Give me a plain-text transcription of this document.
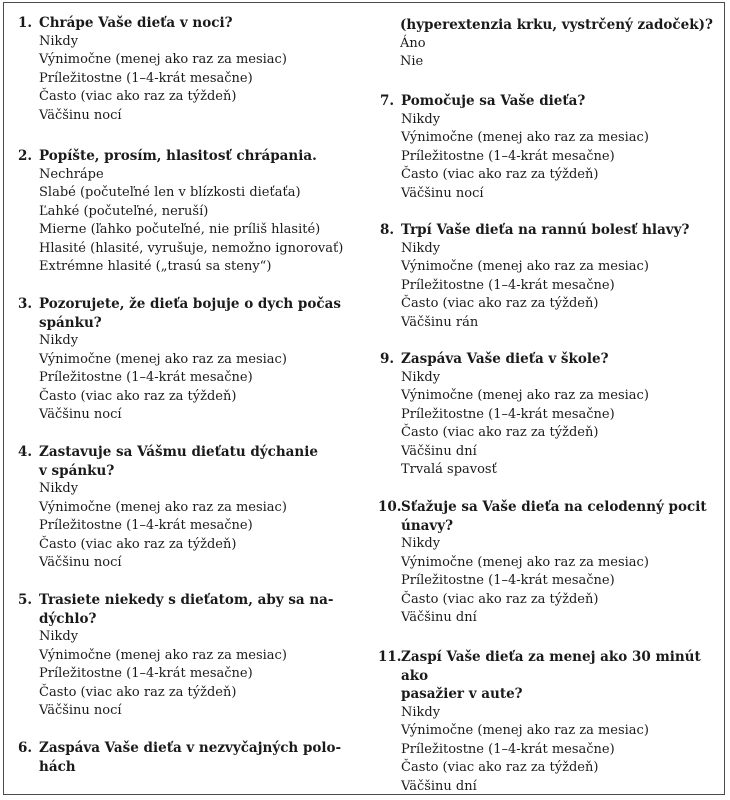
1. Chrápe Vaše dieťa v noci?
Nikdy
Výnimočne (menej ako raz za mesiac)
Príležitostne (1–4-krát mesačne)
Často (viac ako raz za týždeň)
Väčšinu nocí
2. Popíšte, prosím, hlasitosť chrápania.
Nechrápe
Slabé (počuteľné len v blízkosti dieťaťa)
Ľahké (počuteľné, neruší)
Mierne (ľahko počuteľné, nie príliš hlasité)
Hlasité (hlasité, vyrušuje, nemožno ignorovať)
Extrémne hlasité („trasú sa steny“)
3. Pozorujete, že dieťa bojuje o dych počas
spánku?
Nikdy
Výnimočne (menej ako raz za mesiac)
Príležitostne (1–4-krát mesačne)
Často (viac ako raz za týždeň)
Väčšinu nocí
4. Zastavuje sa Vášmu dieťatu dýchanie
v spánku?
Nikdy
Výnimočne (menej ako raz za mesiac)
Príležitostne (1–4-krát mesačne)
Často (viac ako raz za týždeň)
Väčšinu nocí
5. Trasiete niekedy s dieťatom, aby sa na-
dýchlo?
Nikdy
Výnimočne (menej ako raz za mesiac)
Príležitostne (1–4-krát mesačne)
Často (viac ako raz za týždeň)
Väčšinu nocí
6. Zaspáva Vaše dieťa v nezvyčajných polo-
hách
(hyperextenzia krku, vystrčený zadoček)?
Áno
Nie
7. Pomočuje sa Vaše dieťa?
Nikdy
Výnimočne (menej ako raz za mesiac)
Príležitostne (1–4-krát mesačne)
Často (viac ako raz za týždeň)
Väčšinu nocí
8. Trpí Vaše dieťa na rannú bolesť hlavy?
Nikdy
Výnimočne (menej ako raz za mesiac)
Príležitostne (1–4-krát mesačne)
Často (viac ako raz za týždeň)
Väčšinu rán
9. Zaspáva Vaše dieťa v škole?
Nikdy
Výnimočne (menej ako raz za mesiac)
Príležitostne (1–4-krát mesačne)
Často (viac ako raz za týždeň)
Väčšinu dní
Trvalá spavosť
10. Sťažuje sa Vaše dieťa na celodenný pocit
únavy?
Nikdy
Výnimočne (menej ako raz za mesiac)
Príležitostne (1–4-krát mesačne)
Často (viac ako raz za týždeň)
Väčšinu dní
11. Zaspí Vaše dieťa za menej ako 30 minút ako
pasažier v aute?
Nikdy
Výnimočne (menej ako raz za mesiac)
Príležitostne (1–4-krát mesačne)
Často (viac ako raz za týždeň)
Väčšinu dní
